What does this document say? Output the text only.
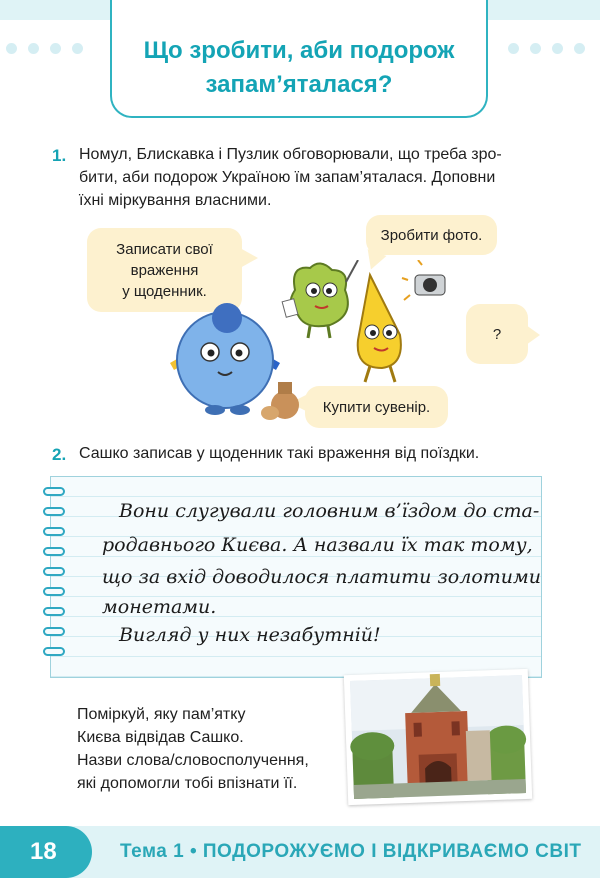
Що зробити, аби подорож
запам’яталася?
1. Номул, Блискавка і Пузлик обговорювали, що треба зро-
бити, аби подорож Україною їм запам’яталася. Доповни
їхні міркування власними.
Записати свої
враження
у щоденник.
Зробити фото.
?
Купити сувенір.
2. Сашко записав у щоденник такі враження від поїздки.
Вони слугували головним в’їздом до ста-
родавнього Києва. А назвали їх так тому,
що за вхід доводилося платити золотими
монетами.
Вигляд у них незабутній!
Поміркуй, яку пам’ятку
Києва відвідав Сашко.
Назви слова/словосполучення,
які допомогли тобі впізнати її.
18	Тема 1 • ПОДОРОЖУЄМО І ВІДКРИВАЄМО СВІТ
